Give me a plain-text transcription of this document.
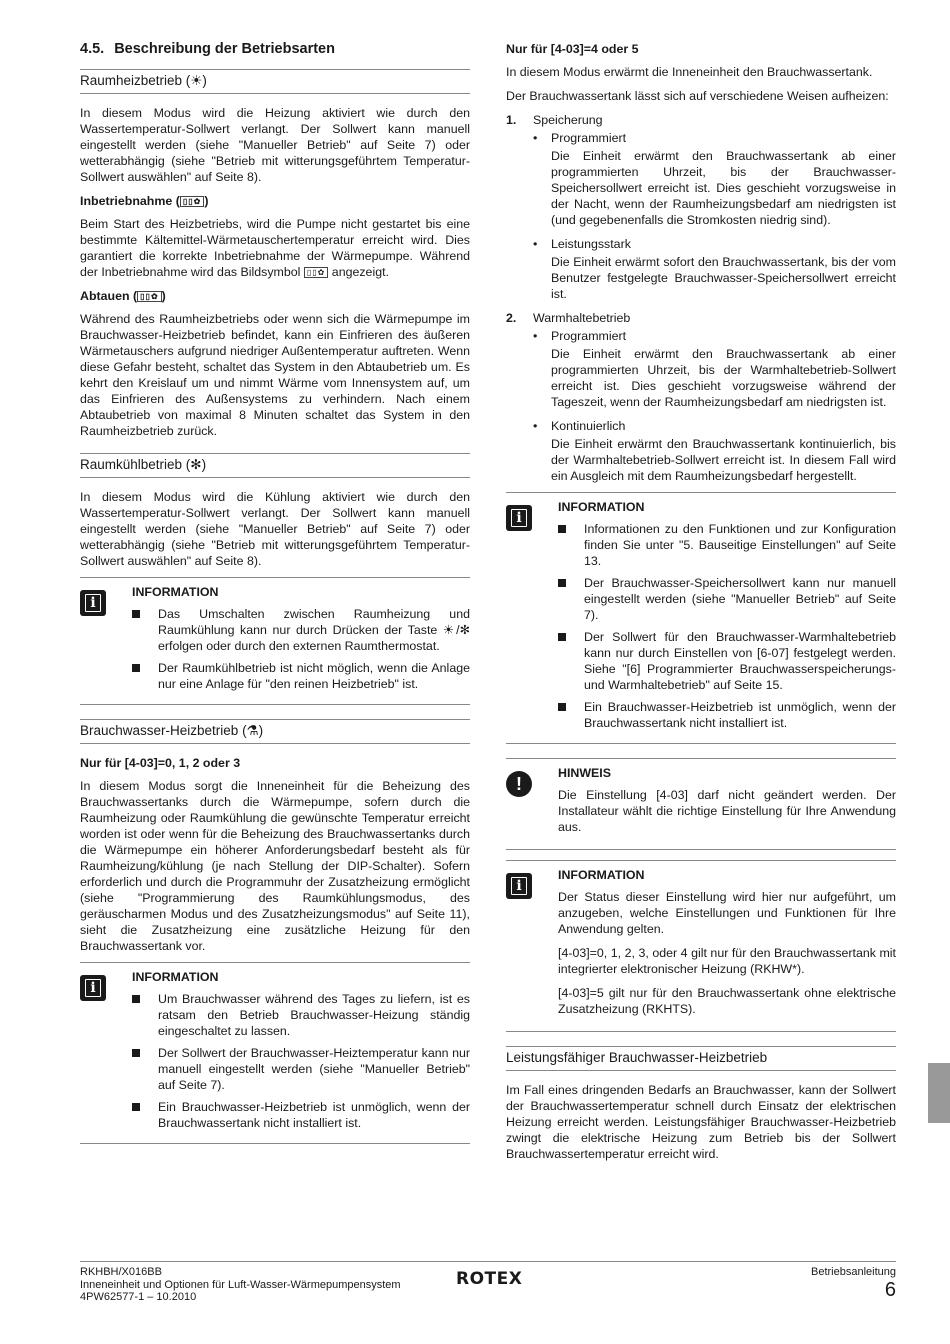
4.5. Beschreibung der Betriebsarten
Raumheizbetrieb (☀)

In diesem Modus wird die Heizung aktiviert wie durch den Wassertemperatur-Sollwert verlangt. Der Sollwert kann manuell eingestellt werden (siehe "Manueller Betrieb" auf Seite 7) oder wetterabhängig (siehe "Betrieb mit witterungsgeführtem Temperatur-Sollwert auswählen" auf Seite 8).

Inbetriebnahme ( ▯▯✿ )

Beim Start des Heizbetriebs, wird die Pumpe nicht gestartet bis eine bestimmte Kältemittel-Wärmetauschertemperatur erreicht wird. Dies garantiert die korrekte Inbetriebnahme der Wärmepumpe. Während der Inbetriebnahme wird das Bildsymbol ▯▯✿ angezeigt.

Abtauen ( ▯▯✿ )

Während des Raumheizbetriebs oder wenn sich die Wärmepumpe im Brauchwasser-Heizbetrieb befindet, kann ein Einfrieren des äußeren Wärmetauschers aufgrund niedriger Außentemperatur auftreten. Wenn diese Gefahr besteht, schaltet das System in den Abtaubetrieb um. Es kehrt den Kreislauf um und nimmt Wärme vom Innensystem auf, um das Einfrieren des Außensystems zu verhindern. Nach einem Abtaubetrieb von maximal 8 Minuten schaltet das System in den Raumheizbetrieb zurück.

Raumkühlbetrieb (✻)

In diesem Modus wird die Kühlung aktiviert wie durch den Wassertemperatur-Sollwert verlangt. Der Sollwert kann manuell eingestellt werden (siehe "Manueller Betrieb" auf Seite 7) oder wetterabhängig (siehe "Betrieb mit witterungsgeführtem Temperatur-Sollwert auswählen" auf Seite 8).

i
INFORMATION
Das Umschalten zwischen Raumheizung und Raumkühlung kann nur durch Drücken der Taste ☀/✻ erfolgen oder durch den externen Raumthermostat.
Der Raumkühlbetrieb ist nicht möglich, wenn die Anlage nur eine Anlage für "den reinen Heizbetrieb" ist.
Brauchwasser-Heizbetrieb (⚗)
Nur für [4-03]=0, 1, 2 oder 3

In diesem Modus sorgt die Inneneinheit für die Beheizung des Brauchwassertanks durch die Wärmepumpe, sofern durch die Raumheizung oder Raumkühlung die gewünschte Temperatur erreicht worden ist oder wenn für die Beheizung des Brauchwassertanks durch die Wärmepumpe ein höherer Anforderungsbedarf besteht als für Raumheizung/kühlung (je nach Stellung der DIP-Schalter). Sofern erforderlich und durch die Programmuhr der Zusatzheizung ermöglicht (siehe "Programmierung des Raumkühlungsmodus, des geräuscharmen Modus und des Zusatzheizungsmodus" auf Seite 11), sieht die Zusatzheizung eine zusätzliche Heizung für den Brauchwassertank vor.

i
INFORMATION
Um Brauchwasser während des Tages zu liefern, ist es ratsam den Betrieb Brauchwasser-Heizung ständig eingeschaltet zu lassen.
Der Sollwert der Brauchwasser-Heiztemperatur kann nur manuell eingestellt werden (siehe "Manueller Betrieb" auf Seite 7).
Ein Brauchwasser-Heizbetrieb ist unmöglich, wenn der Brauchwassertank nicht installiert ist.
Nur für [4-03]=4 oder 5

In diesem Modus erwärmt die Inneneinheit den Brauchwassertank.

Der Brauchwassertank lässt sich auf verschiedene Weisen aufheizen:

1.	Speicherung
•	Programmiert
Die Einheit erwärmt den Brauchwassertank ab einer programmierten Uhrzeit, bis der Brauchwasser-Speichersollwert erreicht ist. Dies geschieht vorzugsweise in der Nacht, wenn der Raumheizungsbedarf am niedrigsten ist (und gegebenenfalls die Stromkosten niedrig sind).
•	Leistungsstark
Die Einheit erwärmt sofort den Brauchwassertank, bis der vom Benutzer festgelegte Brauchwasser-Speichersollwert erreicht ist.
2.	Warmhaltebetrieb
•	Programmiert
Die Einheit erwärmt den Brauchwassertank ab einer programmierten Uhrzeit, bis der Warmhaltebetrieb-Sollwert erreicht ist. Dies geschieht vorzugsweise während der Tageszeit, wenn der Raumheizungsbedarf am niedrigsten ist.
•	Kontinuierlich
Die Einheit erwärmt den Brauchwassertank kontinuierlich, bis der Warmhaltebetrieb-Sollwert erreicht ist. In diesem Fall wird ein Ausgleich mit dem Raumheizungsbedarf hergestellt.
i
INFORMATION
Informationen zu den Funktionen und zur Konfiguration finden Sie unter "5. Bauseitige Einstellungen" auf Seite 13.
Der Brauchwasser-Speichersollwert kann nur manuell eingestellt werden (siehe "Manueller Betrieb" auf Seite 7).
Der Sollwert für den Brauchwasser-Warmhaltebetrieb kann nur durch Einstellen von [6-07] festgelegt werden. Siehe "[6] Programmierter Brauchwasserspeicherungs- und Warmhaltebetrieb" auf Seite 15.
Ein Brauchwasser-Heizbetrieb ist unmöglich, wenn der Brauchwassertank nicht installiert ist.
!
HINWEIS

Die Einstellung [4-03] darf nicht geändert werden. Der Installateur wählt die richtige Einstellung für Ihre Anwendung aus.

i
INFORMATION

Der Status dieser Einstellung wird hier nur aufgeführt, um anzugeben, welche Einstellungen und Funktionen für Ihre Anwendung gelten.

[4-03]=0, 1, 2, 3, oder 4 gilt nur für den Brauchwassertank mit integrierter elektronischer Heizung (RKHW*).

[4-03]=5 gilt nur für den Brauchwassertank ohne elektrische Zusatzheizung (RKHTS).

Leistungsfähiger Brauchwasser-Heizbetrieb

Im Fall eines dringenden Bedarfs an Brauchwasser, kann der Sollwert der Brauchwassertemperatur schnell durch Einsatz der elektrischen Heizung erreicht werden. Leistungsfähiger Brauchwasser-Heizbetrieb zwingt die elektrische Heizung zum Betrieb bis der Sollwert Brauchwassertemperatur erreicht wird.

RKHBH/X016BB
Inneneinheit und Optionen für Luft-Wasser-Wärmepumpensystem
4PW62577-1 – 10.2010
Betriebsanleitung
6
ROTEX
